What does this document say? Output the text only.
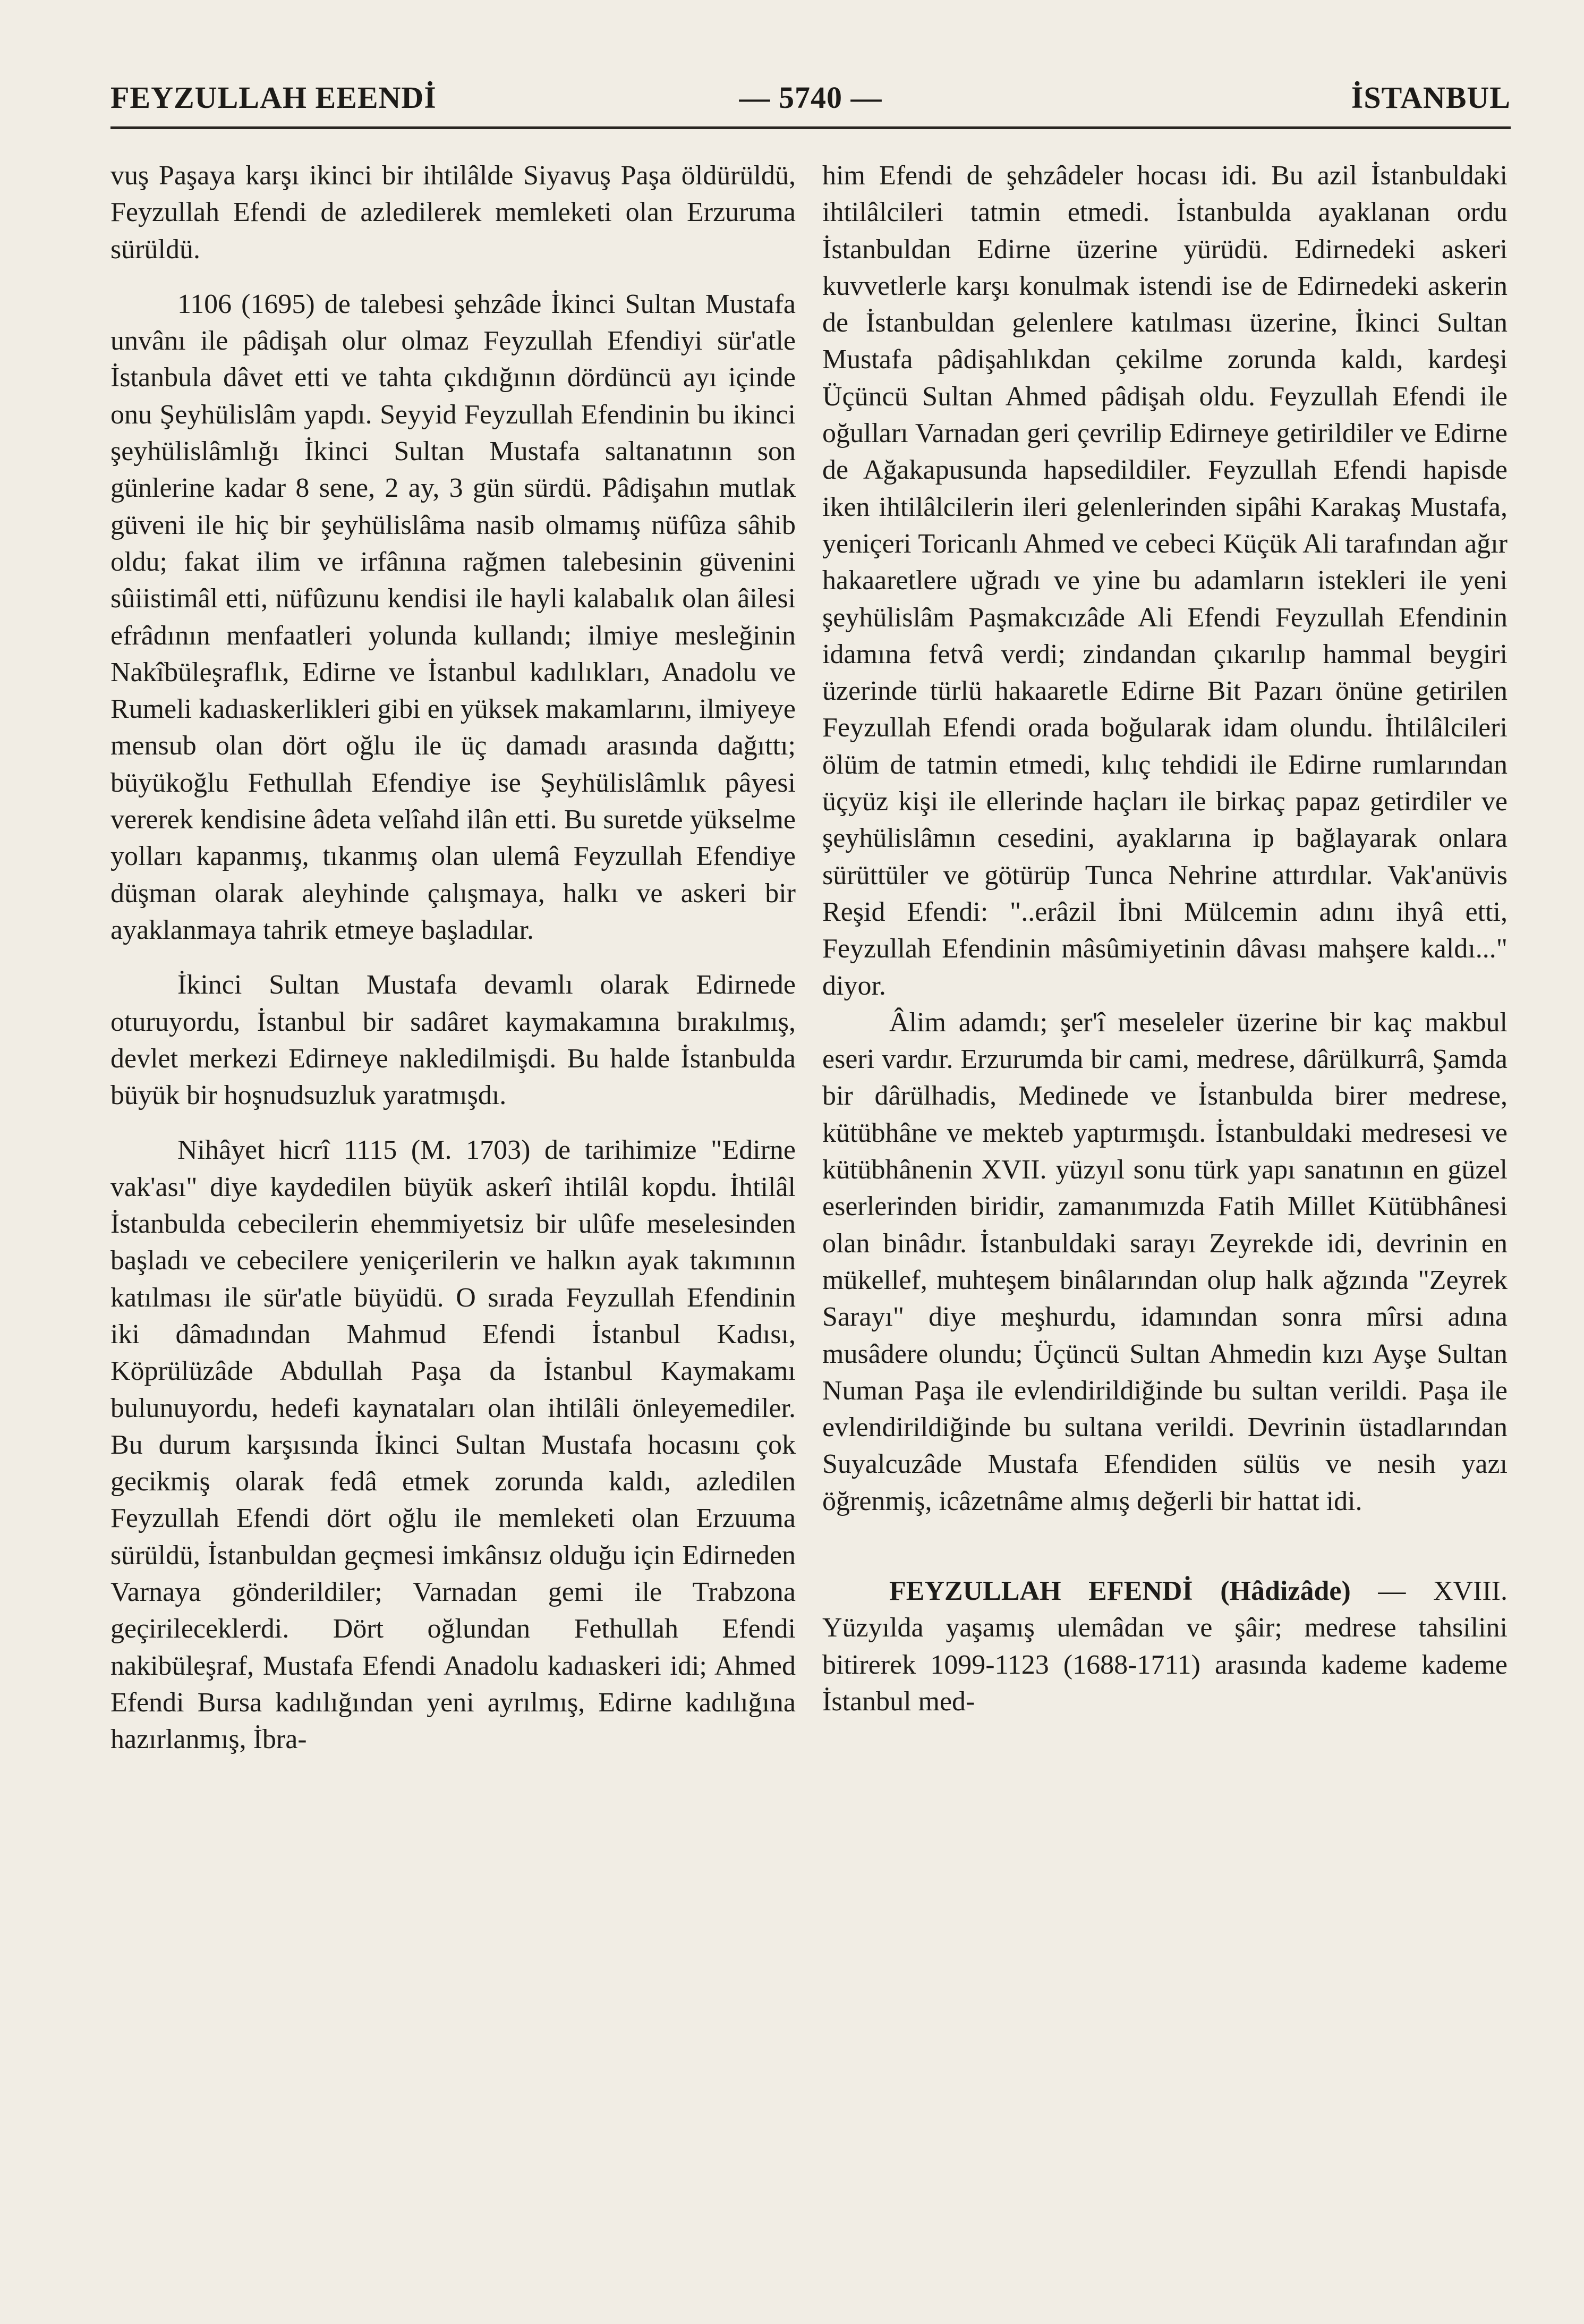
FEYZULLAH EEENDİ	— 5740 —	İSTANBUL

vuş Paşaya karşı ikinci bir ihtilâlde Siyavuş Paşa öldürüldü, Feyzullah Efendi de azledilerek memleketi olan Erzuruma sürüldü.

1106 (1695) de talebesi şehzâde İkinci Sultan Mustafa unvânı ile pâdişah olur olmaz Feyzullah Efendiyi sür'atle İstanbula dâvet etti ve tahta çıkdığının dördüncü ayı içinde onu Şeyhülislâm yapdı. Seyyid Feyzullah Efendinin bu ikinci şeyhülislâmlığı İkinci Sultan Mustafa saltanatının son günlerine kadar 8 sene, 2 ay, 3 gün sürdü. Pâdişahın mutlak güveni ile hiç bir şeyhülislâma nasib olmamış nüfûza sâhib oldu; fakat ilim ve irfânına rağmen talebesinin güvenini sûiistimâl etti, nüfûzunu kendisi ile hayli kalabalık olan âilesi efrâdının menfaatleri yolunda kullandı; ilmiye mesleğinin Nakîbüleşraflık, Edirne ve İstanbul kadılıkları, Anadolu ve Rumeli kadıaskerlikleri gibi en yüksek makamlarını, ilmiyeye mensub olan dört oğlu ile üç damadı arasında dağıttı; büyükoğlu Fethullah Efendiye ise Şeyhülislâmlık pâyesi vererek kendisine âdeta velîahd ilân etti. Bu suretde yükselme yolları kapanmış, tıkanmış olan ulemâ Feyzullah Efendiye düşman olarak aleyhinde çalışmaya, halkı ve askeri bir ayaklanmaya tahrik etmeye başladılar.

İkinci Sultan Mustafa devamlı olarak Edirnede oturuyordu, İstanbul bir sadâret kaymakamına bırakılmış, devlet merkezi Edirneye nakledilmişdi. Bu halde İstanbulda büyük bir hoşnudsuzluk yaratmışdı.

Nihâyet hicrî 1115 (M. 1703) de tarihimize "Edirne vak'ası" diye kaydedilen büyük askerî ihtilâl kopdu. İhtilâl İstanbulda cebecilerin ehemmiyetsiz bir ulûfe meselesinden başladı ve cebecilere yeniçerilerin ve halkın ayak takımının katılması ile sür'atle büyüdü. O sırada Feyzullah Efendinin iki dâmadından Mahmud Efendi İstanbul Kadısı, Köprülüzâde Abdullah Paşa da İstanbul Kaymakamı bulunuyordu, hedefi kaynataları olan ihtilâli önleyemediler. Bu durum karşısında İkinci Sultan Mustafa hocasını çok gecikmiş olarak fedâ etmek zorunda kaldı, azledilen Feyzullah Efendi dört oğlu ile memleketi olan Erzuuma sürüldü, İstanbuldan geçmesi imkânsız olduğu için Edirneden Varnaya gönderildiler; Varnadan gemi ile Trabzona geçirileceklerdi. Dört oğlundan Fethullah Efendi nakibüleşraf, Mustafa Efendi Anadolu kadıaskeri idi; Ahmed Efendi Bursa kadılığından yeni ayrılmış, Edirne kadılığına hazırlanmış, İbra-

him Efendi de şehzâdeler hocası idi. Bu azil İstanbuldaki ihtilâlcileri tatmin etmedi. İstanbulda ayaklanan ordu İstanbuldan Edirne üzerine yürüdü. Edirnedeki askeri kuvvetlerle karşı konulmak istendi ise de Edirnedeki askerin de İstanbuldan gelenlere katılması üzerine, İkinci Sultan Mustafa pâdişahlıkdan çekilme zorunda kaldı, kardeşi Üçüncü Sultan Ahmed pâdişah oldu. Feyzullah Efendi ile oğulları Varnadan geri çevrilip Edirneye getirildiler ve Edirne de Ağakapusunda hapsedildiler. Feyzullah Efendi hapisde iken ihtilâlcilerin ileri gelenlerinden sipâhi Karakaş Mustafa, yeniçeri Toricanlı Ahmed ve cebeci Küçük Ali tarafından ağır hakaaretlere uğradı ve yine bu adamların istekleri ile yeni şeyhülislâm Paşmakcızâde Ali Efendi Feyzullah Efendinin idamına fetvâ verdi; zindandan çıkarılıp hammal beygiri üzerinde türlü hakaaretle Edirne Bit Pazarı önüne getirilen Feyzullah Efendi orada boğularak idam olundu. İhtilâlcileri ölüm de tatmin etmedi, kılıç tehdidi ile Edirne rumlarından üçyüz kişi ile ellerinde haçları ile birkaç papaz getirdiler ve şeyhülislâmın cesedini, ayaklarına ip bağlayarak onlara sürüttüler ve götürüp Tunca Nehrine attırdılar. Vak'anüvis Reşid Efendi: "..erâzil İbni Mülcemin adını ihyâ etti, Feyzullah Efendinin mâsûmiyetinin dâvası mahşere kaldı..." diyor.

Âlim adamdı; şer'î meseleler üzerine bir kaç makbul eseri vardır. Erzurumda bir cami, medrese, dârülkurrâ, Şamda bir dârülhadis, Medinede ve İstanbulda birer medrese, kütübhâne ve mekteb yaptırmışdı. İstanbuldaki medresesi ve kütübhânenin XVII. yüzyıl sonu türk yapı sanatının en güzel eserlerinden biridir, zamanımızda Fatih Millet Kütübhânesi olan binâdır. İstanbuldaki sarayı Zeyrekde idi, devrinin en mükellef, muhteşem binâlarından olup halk ağzında "Zeyrek Sarayı" diye meşhurdu, idamından sonra mîrsi adına musâdere olundu; Üçüncü Sultan Ahmedin kızı Ayşe Sultan Numan Paşa ile evlendirildiğinde bu sultan verildi. Paşa ile evlendirildiğinde bu sultana verildi. Devrinin üstadlarından Suyalcuzâde Mustafa Efendiden sülüs ve nesih yazı öğrenmiş, icâzetnâme almış değerli bir hattat idi.

FEYZULLAH EFENDİ (Hâdizâde) — XVIII. Yüzyılda yaşamış ulemâdan ve şâir; medrese tahsilini bitirerek 1099-1123 (1688-1711) arasında kademe kademe İstanbul med-
